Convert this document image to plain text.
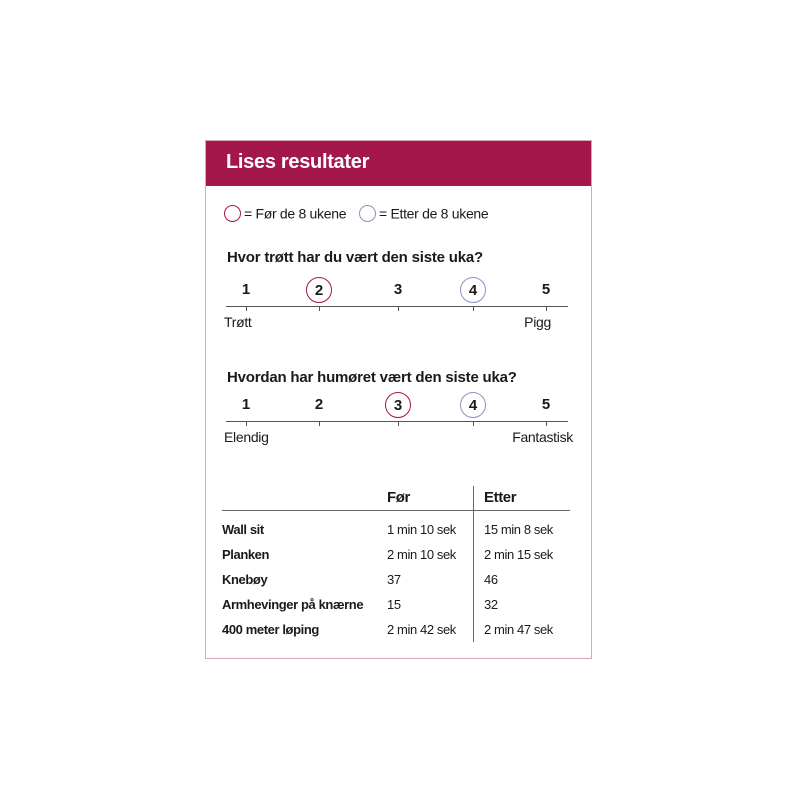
Lises resultater
= Før de 8 ukene	= Etter de 8 ukene
Hvor trøtt har du vært den siste uka?
1	2	3	4	5
Trøtt	Pigg
Hvordan har humøret vært den siste uka?
1	2	3	4	5
Elendig	Fantastisk
	Før	Etter
Wall sit	1 min 10 sek	15 min 8 sek
Planken	2 min 10 sek	2 min 15 sek
Knebøy	37	46
Armhevinger på knærne	15	32
400 meter løping	2 min 42 sek	2 min 47 sek
